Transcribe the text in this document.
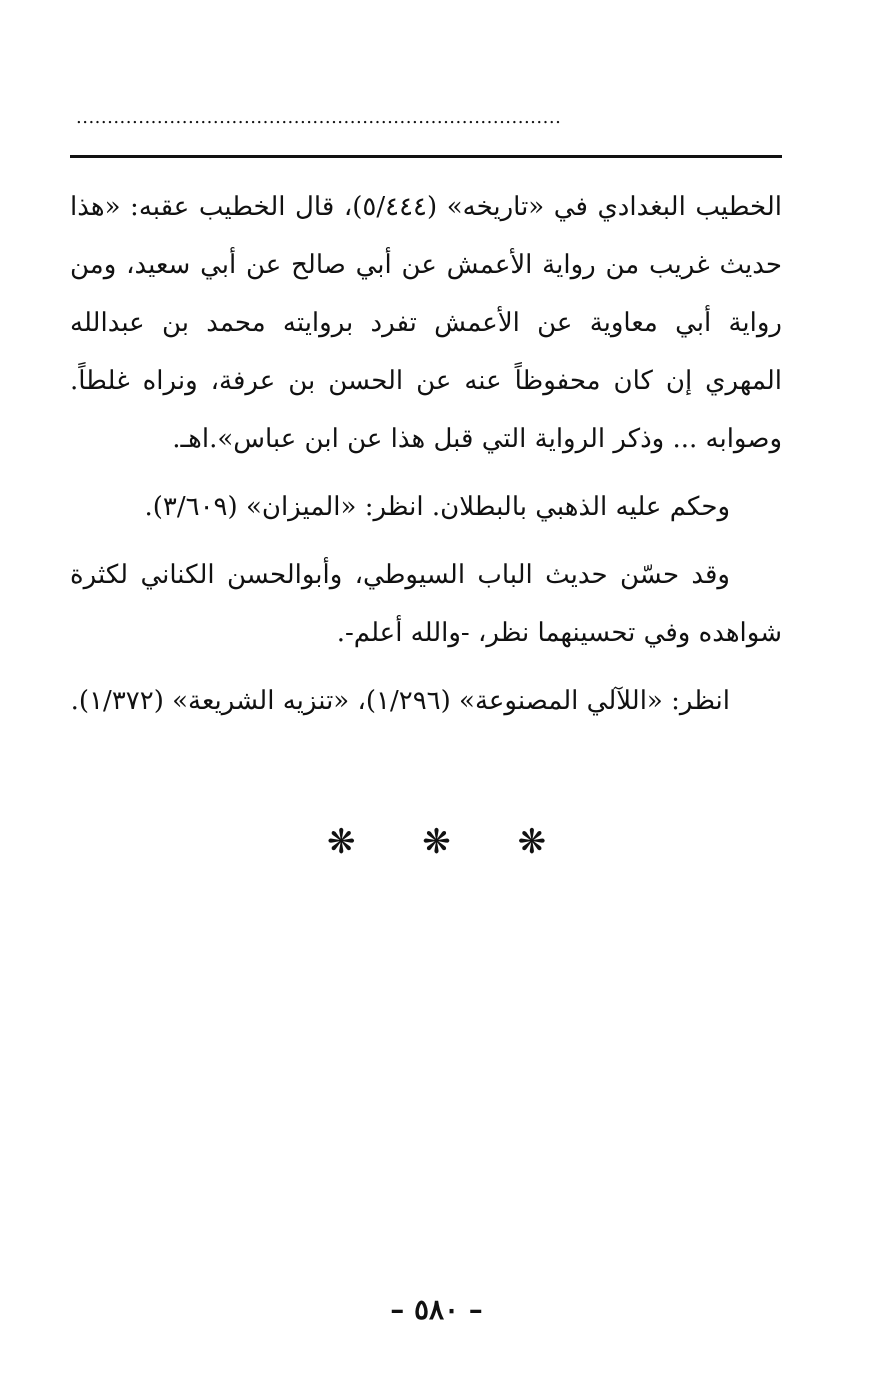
..............................................................................

الخطيب البغدادي في «تاريخه» (٥/٤٤٤)، قال الخطيب عقبه: «هذا حديث غريب من رواية الأعمش عن أبي صالح عن أبي سعيد، ومن رواية أبي معاوية عن الأعمش تفرد بروايته محمد بن عبدالله المهري إن كان محفوظاً عنه عن الحسن بن عرفة، ونراه غلطاً. وصوابه ... وذكر الرواية التي قبل هذا عن ابن عباس».اهـ.

وحكم عليه الذهبي بالبطلان. انظر: «الميزان» (٣/٦٠٩).

وقد حسّن حديث الباب السيوطي، وأبوالحسن الكناني لكثرة شواهده وفي تحسينهما نظر، -والله أعلم-.

انظر: «اللآلي المصنوعة» (١/٢٩٦)، «تنزيه الشريعة» (١/٣٧٢).

❋ ❋ ❋
– ٥٨٠ –
